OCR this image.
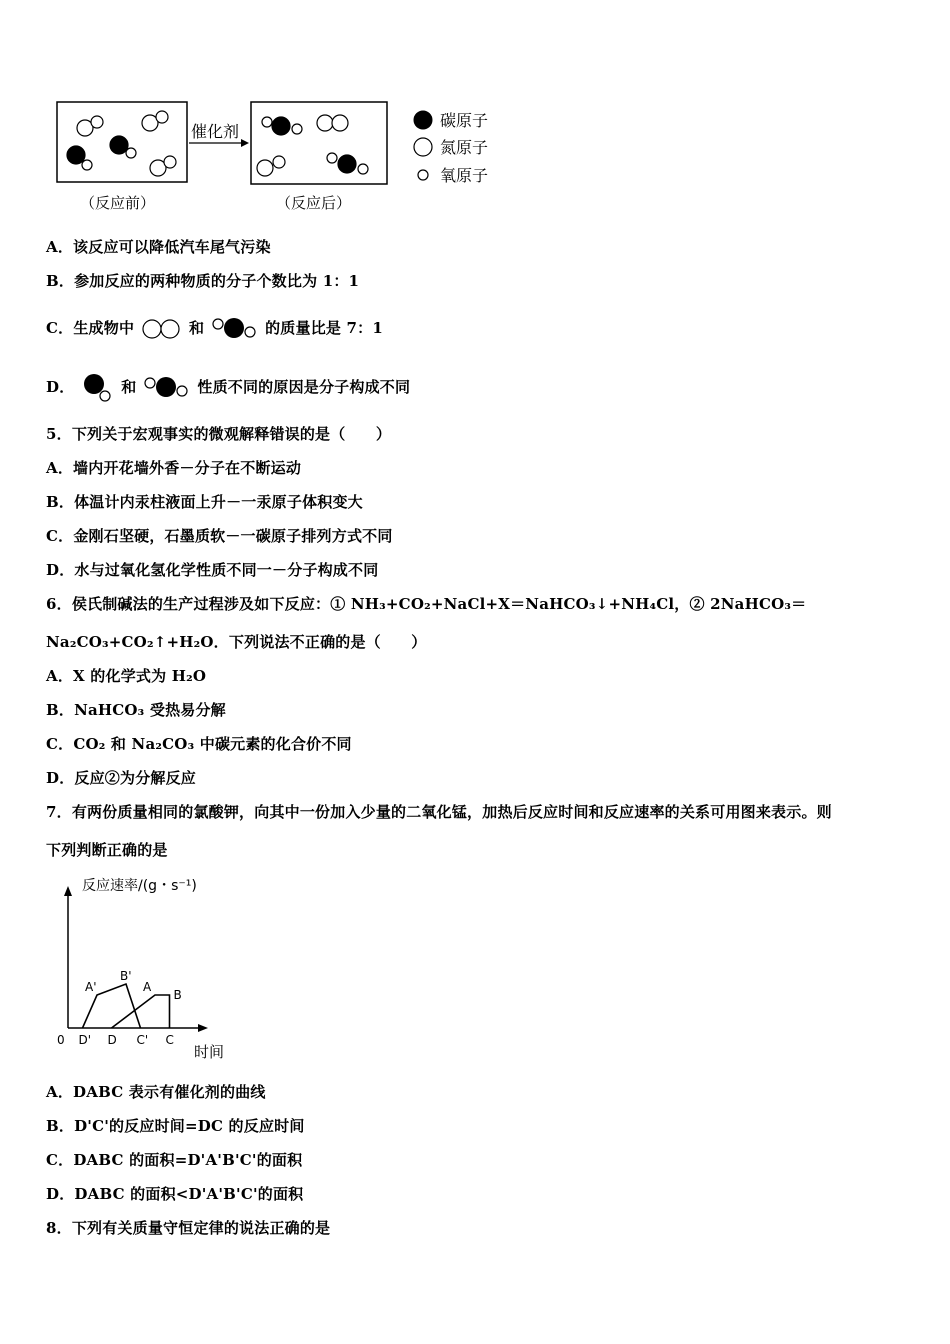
催化剂
（反应前）	（反应后）
碳原子
氮原子
氧原子
A．该反应可以降低汽车尾气污染
B．参加反应的两种物质的分子个数比为 1：1
C．生成物中	和	的质量比是 7：1
D．	和	性质不同的原因是分子构成不同
5．下列关于宏观事实的微观解释错误的是（　　）
A．墙内开花墙外香－分子在不断运动
B．体温计内汞柱液面上升－一汞原子体积变大
C．金刚石坚硬，石墨质软－一碳原子排列方式不同
D．水与过氧化氢化学性质不同一－分子构成不同
6．侯氏制碱法的生产过程涉及如下反应：① NH₃+CO₂+NaCl+X＝NaHCO₃↓+NH₄Cl，② 2NaHCO₃＝
Na₂CO₃+CO₂↑+H₂O．下列说法不正确的是（　　）
A．X 的化学式为 H₂O
B．NaHCO₃ 受热易分解
C．CO₂ 和 Na₂CO₃ 中碳元素的化合价不同
D．反应②为分解反应
7．有两份质量相同的氯酸钾，向其中一份加入少量的二氧化锰，加热后反应时间和反应速率的关系可用图来表示。则
下列判断正确的是
反应速率/(g・s⁻¹)
时间
0
A'
B'
A
B
D' D C' C
A．DABC 表示有催化剂的曲线
B．D'C'的反应时间=DC 的反应时间
C．DABC 的面积=D'A'B'C'的面积
D．DABC 的面积<D'A'B'C'的面积
8．下列有关质量守恒定律的说法正确的是
